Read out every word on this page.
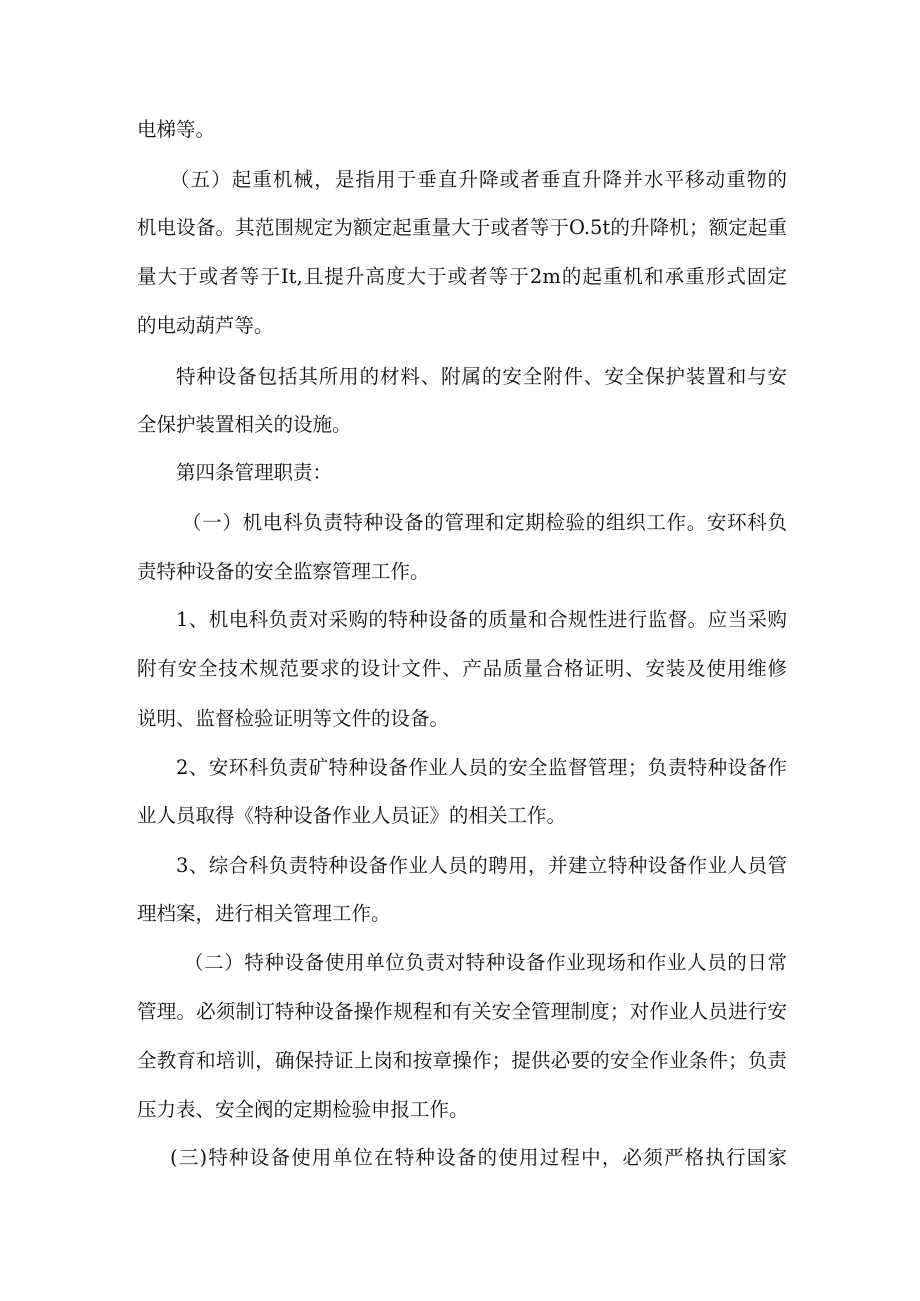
电梯等。
（五）起重机械，是指用于垂直升降或者垂直升降并水平移动重物的
机电设备。其范围规定为额定起重量大于或者等于O.5t的升降机；额定起重
量大于或者等于It,且提升高度大于或者等于2m的起重机和承重形式固定
的电动葫芦等。
特种设备包括其所用的材料、附属的安全附件、安全保护装置和与安
全保护装置相关的设施。
第四条管理职责：
（一）机电科负责特种设备的管理和定期检验的组织工作。安环科负
责特种设备的安全监察管理工作。
1、机电科负责对采购的特种设备的质量和合规性进行监督。应当采购
附有安全技术规范要求的设计文件、产品质量合格证明、安装及使用维修
说明、监督检验证明等文件的设备。
2、安环科负责矿特种设备作业人员的安全监督管理；负责特种设备作
业人员取得《特种设备作业人员证》的相关工作。
3、综合科负责特种设备作业人员的聘用，并建立特种设备作业人员管
理档案，进行相关管理工作。
（二）特种设备使用单位负责对特种设备作业现场和作业人员的日常
管理。必须制订特种设备操作规程和有关安全管理制度；对作业人员进行安
全教育和培训，确保持证上岗和按章操作；提供必要的安全作业条件；负责
压力表、安全阀的定期检验申报工作。
(三)特种设备使用单位在特种设备的使用过程中，必须严格执行国家
